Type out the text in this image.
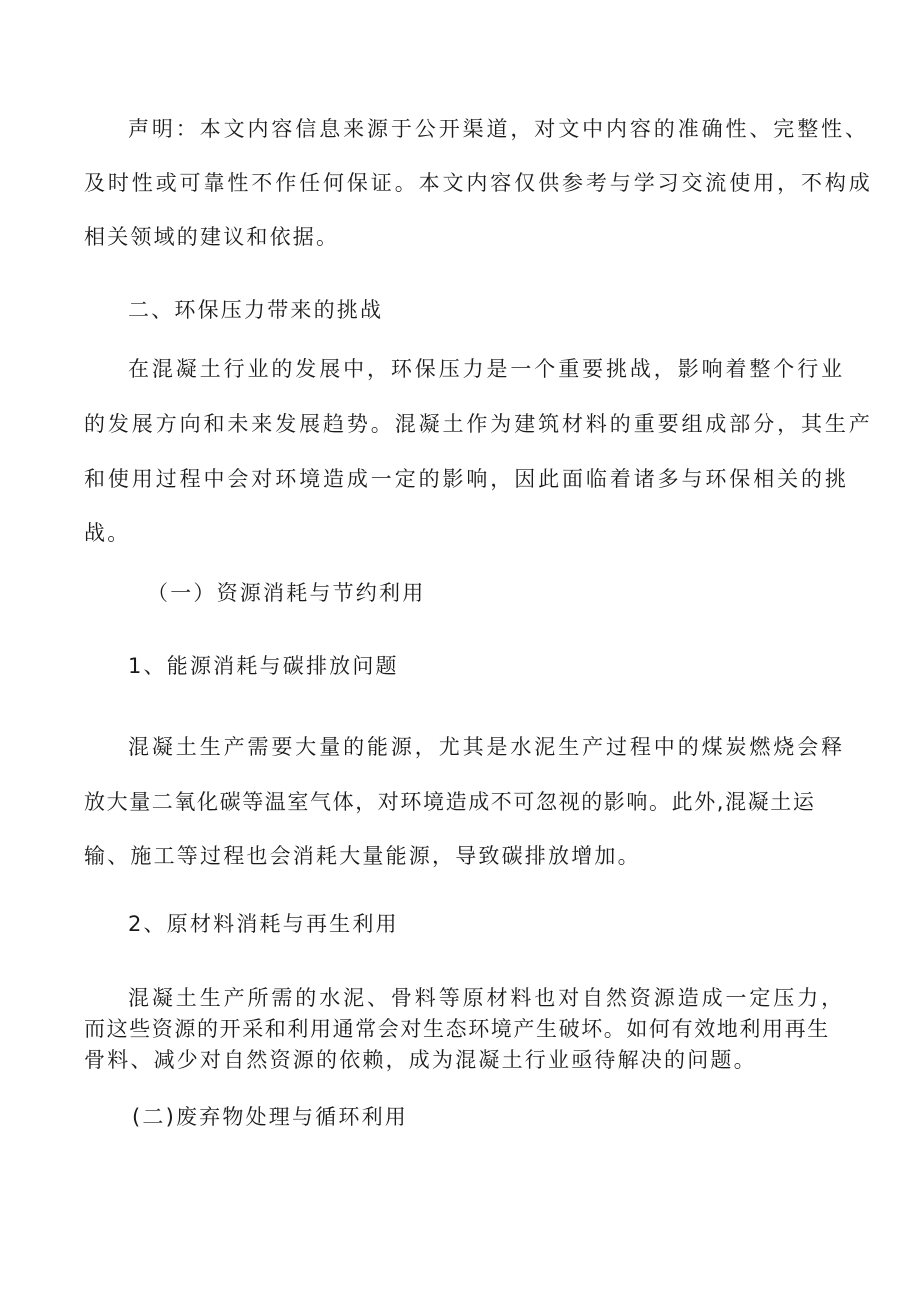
声明：本文内容信息来源于公开渠道，对文中内容的准确性、完整性、

及时性或可靠性不作任何保证。本文内容仅供参考与学习交流使用，不构成

相关领域的建议和依据。

二、环保压力带来的挑战

在混凝土行业的发展中，环保压力是一个重要挑战，影响着整个行业

的发展方向和未来发展趋势。混凝土作为建筑材料的重要组成部分，其生产

和使用过程中会对环境造成一定的影响，因此面临着诸多与环保相关的挑

战。

（一）资源消耗与节约利用

1、能源消耗与碳排放问题

混凝土生产需要大量的能源，尤其是水泥生产过程中的煤炭燃烧会释

放大量二氧化碳等温室气体，对环境造成不可忽视的影响。此外,混凝土运

输、施工等过程也会消耗大量能源，导致碳排放增加。

2、原材料消耗与再生利用

混凝土生产所需的水泥、骨料等原材料也对自然资源造成一定压力，

而这些资源的开采和利用通常会对生态环境产生破坏。如何有效地利用再生

骨料、减少对自然资源的依赖，成为混凝土行业亟待解决的问题。

(二)废弃物处理与循环利用
